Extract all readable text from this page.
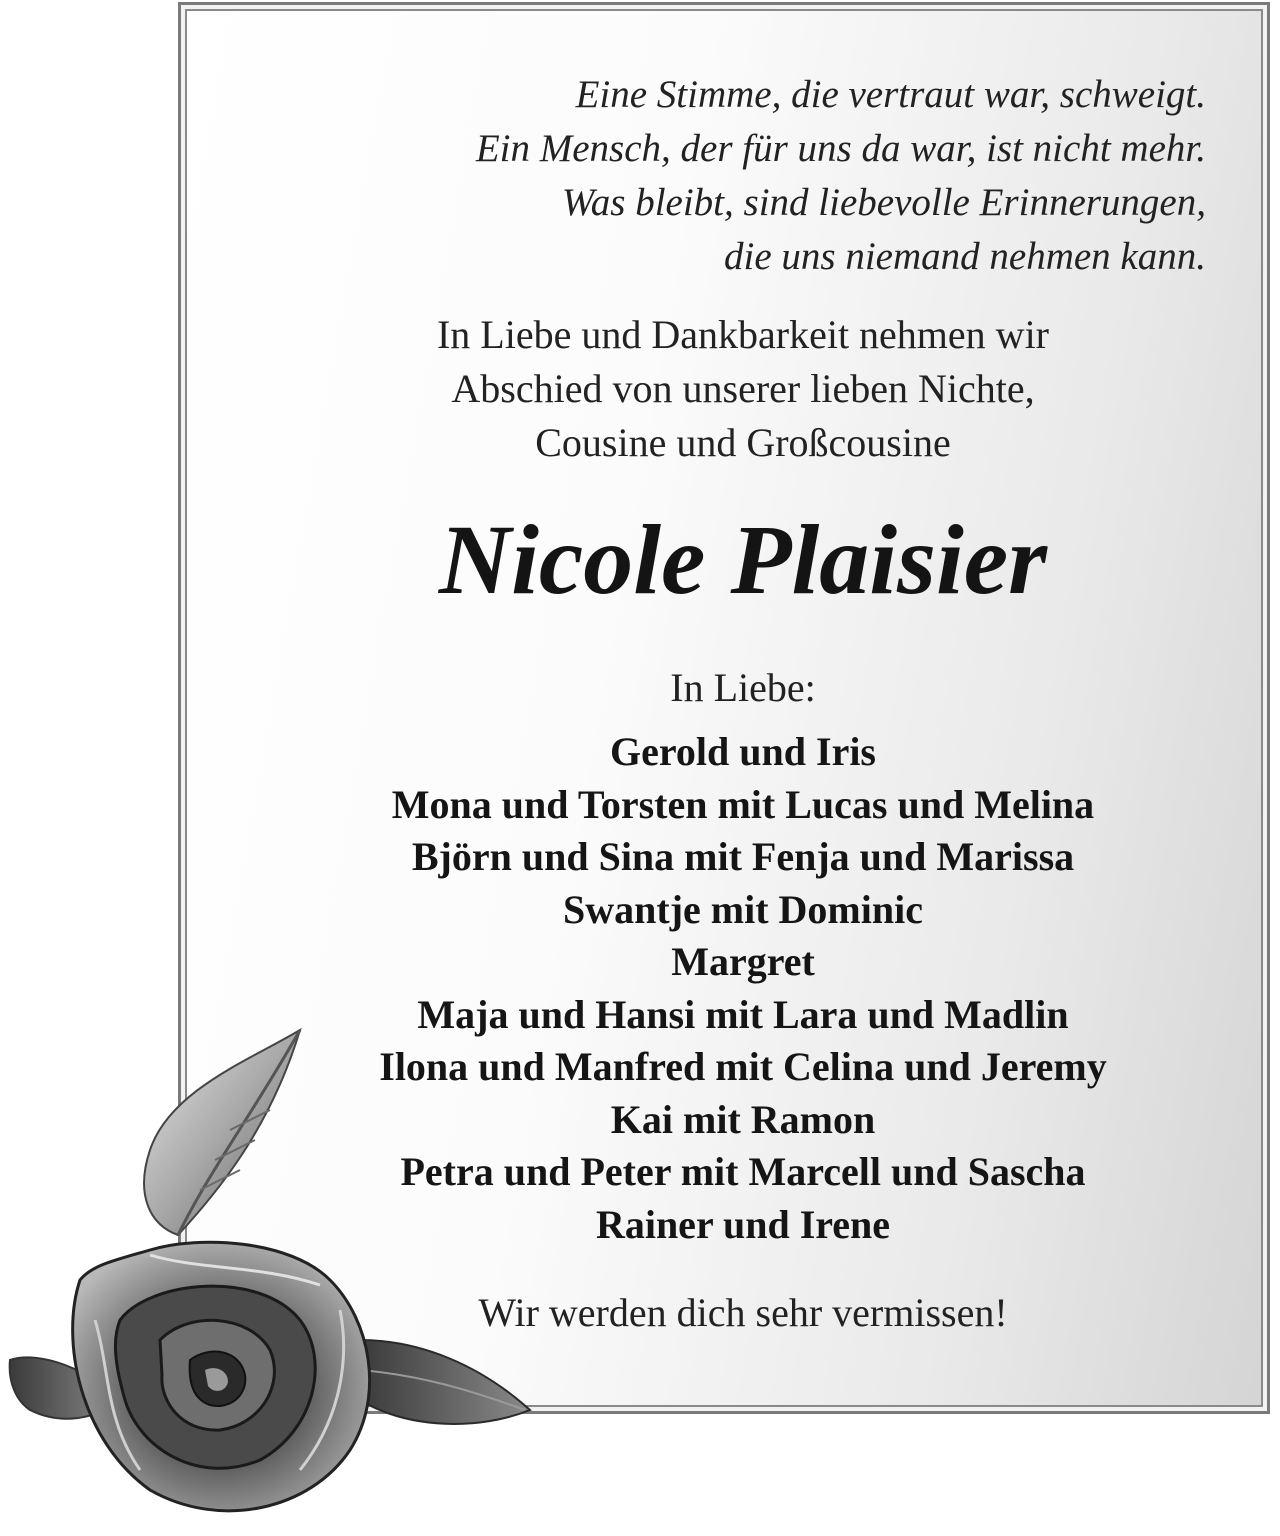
Eine Stimme, die vertraut war, schweigt.
Ein Mensch, der für uns da war, ist nicht mehr.
Was bleibt, sind liebevolle Erinnerungen,
die uns niemand nehmen kann.
In Liebe und Dankbarkeit nehmen wir
Abschied von unserer lieben Nichte,
Cousine und Großcousine
Nicole Plaisier
In Liebe:
Gerold und Iris
Mona und Torsten mit Lucas und Melina
Björn und Sina mit Fenja und Marissa
Swantje mit Dominic
Margret
Maja und Hansi mit Lara und Madlin
Ilona und Manfred mit Celina und Jeremy
Kai mit Ramon
Petra und Peter mit Marcell und Sascha
Rainer und Irene
Wir werden dich sehr vermissen!
